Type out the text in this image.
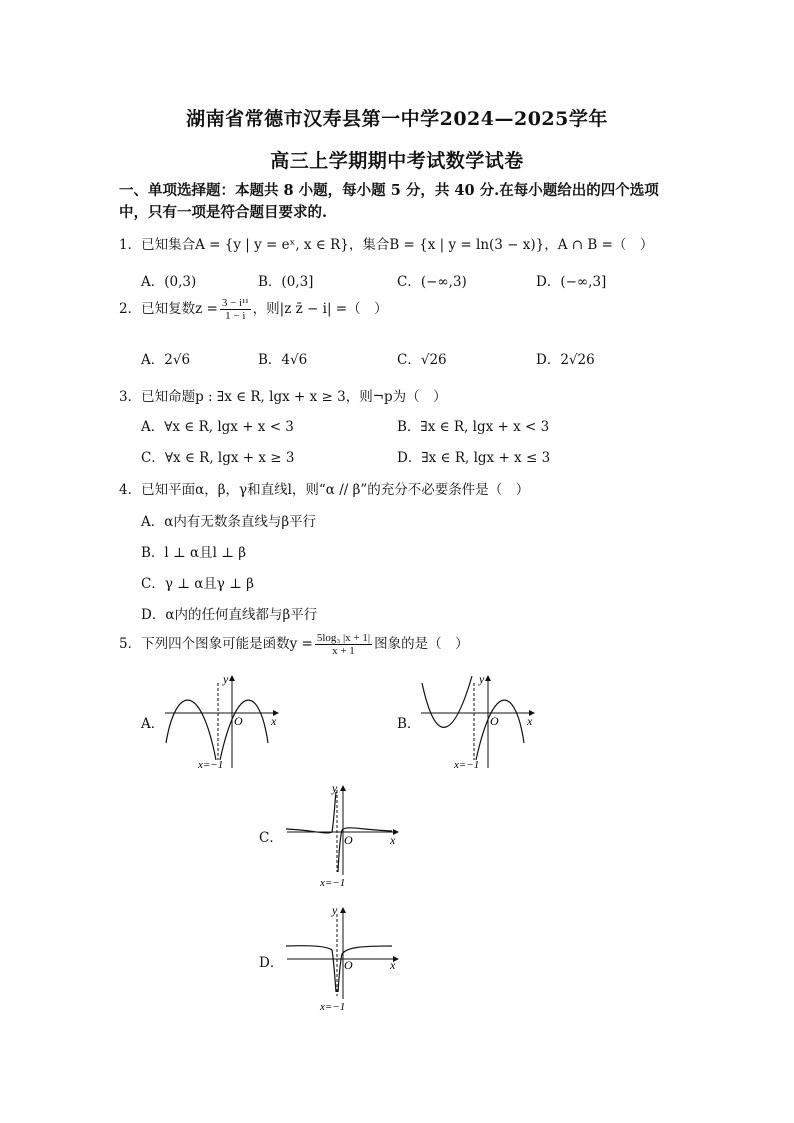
湖南省常德市汉寿县第一中学2024—2025学年
高三上学期期中考试数学试卷
一、单项选择题：本题共 8 小题，每小题 5 分，共 40 分.在每小题给出的四个选项中，只有一项是符合题目要求的.
1．已知集合A = {y | y = eˣ, x ∈ R}，集合B = {x | y = ln(3 − x)}，A ∩ B =（　）
A．(0,3)	B．(0,3]	C．(−∞,3)	D．(−∞,3]
2．已知复数$z = \frac{\text{3 − i¹¹}}{1 - i}$ ，则|z z̄ − i| =（　）
A．2√6	B．4√6	C．√26	D．2√26
3．已知命题p : ∃x ∈ R, lgx + x ≥ 3，则¬p为（　）
A．∀x ∈ R, lgx + x < 3	B．∃x ∈ R, lgx + x < 3
C．∀x ∈ R, lgx + x ≥ 3	D．∃x ∈ R, lgx + x ≤ 3
4．已知平面α，β，γ和直线l，则“α // β”的充分不必要条件是（　）
A．α内有无数条直线与β平行
B．l ⊥ α且l ⊥ β
C．γ ⊥ α且γ ⊥ β
D．α内的任何直线都与β平行
5．下列四个图象可能是函数$y = \frac{\text{5log₃ |x + 1|}}{x + 1}$ 图象的是（　）
A．	B．
C．
D．
y
x
O
x=−1
y
x
O
x=−1
y
x
O
x=−1
y
x
O
x=−1
